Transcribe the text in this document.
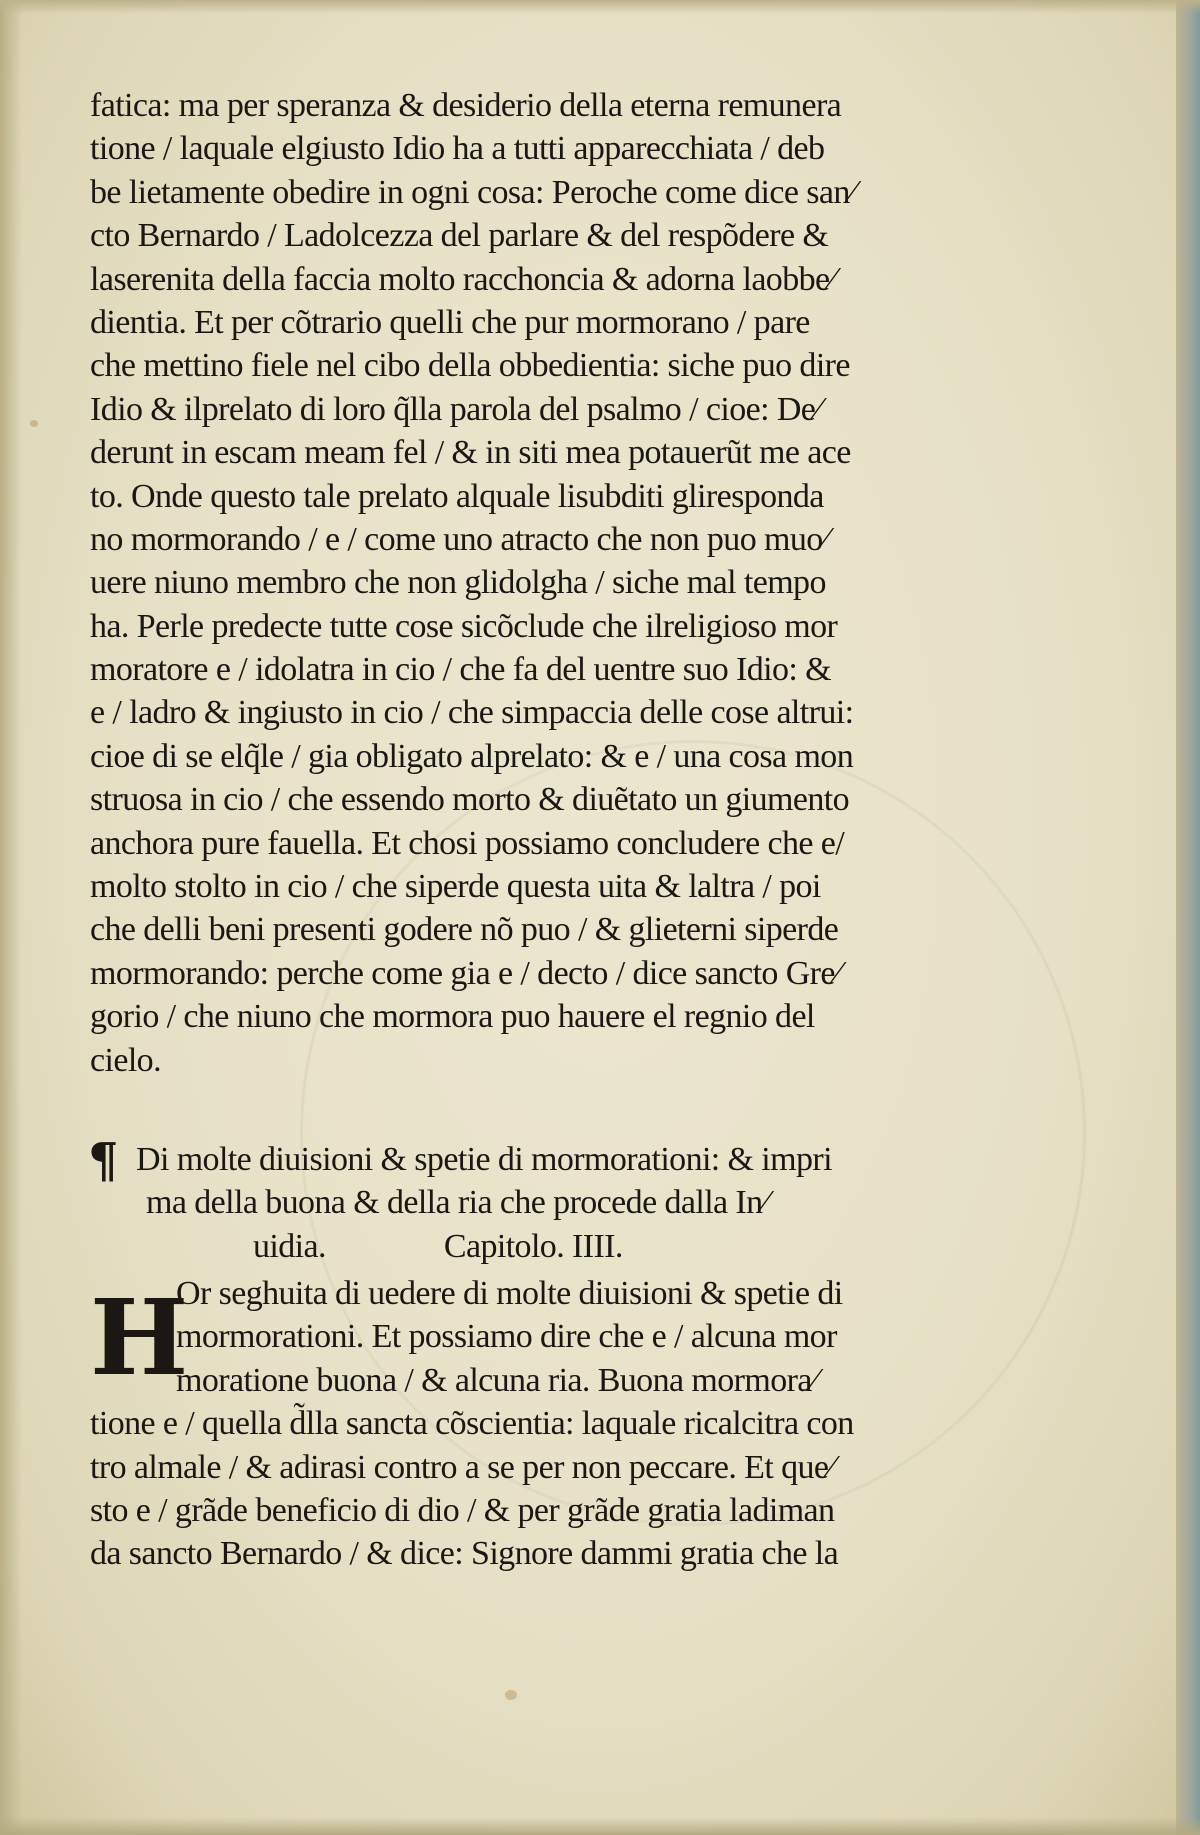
fatica: ma per speranza & desiderio della eterna remunera
tione / laquale elgiusto Idio ha a tutti apparecchiata / deb
be lietamente obedire in ogni cosa: Peroche come dice san⁄
cto Bernardo / Ladolcezza del parlare & del respõdere &
laserenita della faccia molto racchoncia & adorna laobbe⁄
dientia. Et per cõtrario quelli che pur mormorano / pare
che mettino fiele nel cibo della obbedientia: siche puo dire
Idio & ilprelato di loro q̃lla parola del psalmo / cioe: De⁄
derunt in escam meam fel / & in siti mea potauerũt me ace
to. Onde questo tale prelato alquale lisubditi gliresponda
no mormorando / e / come uno atracto che non puo muo⁄
uere niuno membro che non glidolgha / siche mal tempo
ha. Perle predecte tutte cose sicõclude che ilreligioso mor
moratore e / idolatra in cio / che fa del uentre suo Idio: &
e / ladro & ingiusto in cio / che simpaccia delle cose altrui:
cioe di se elq̃le / gia obligato alprelato: & e / una cosa mon
struosa in cio / che essendo morto & diuẽtato un giumento
anchora pure fauella. Et chosi possiamo concludere che e/
molto stolto in cio / che siperde questa uita & laltra / poi
che delli beni presenti godere nõ puo / & glieterni siperde
mormorando: perche come gia e / decto / dice sancto Gre⁄
gorio / che niuno che mormora puo hauere el regnio del
cielo.
¶ Di molte diuisioni & spetie di mormorationi: & impri
ma della buona & della ria che procede dalla In⁄
uidia.	Capitolo. IIII.
H
Or seghuita di uedere di molte diuisioni & spetie di
mormorationi. Et possiamo dire che e / alcuna mor
moratione buona / & alcuna ria. Buona mormora⁄
tione e / quella d̃lla sancta cõscientia: laquale ricalcitra con
tro almale / & adirasi contro a se per non peccare. Et que⁄
sto e / grãde beneficio di dio / & per grãde gratia ladiman
da sancto Bernardo / & dice: Signore dammi gratia che la
